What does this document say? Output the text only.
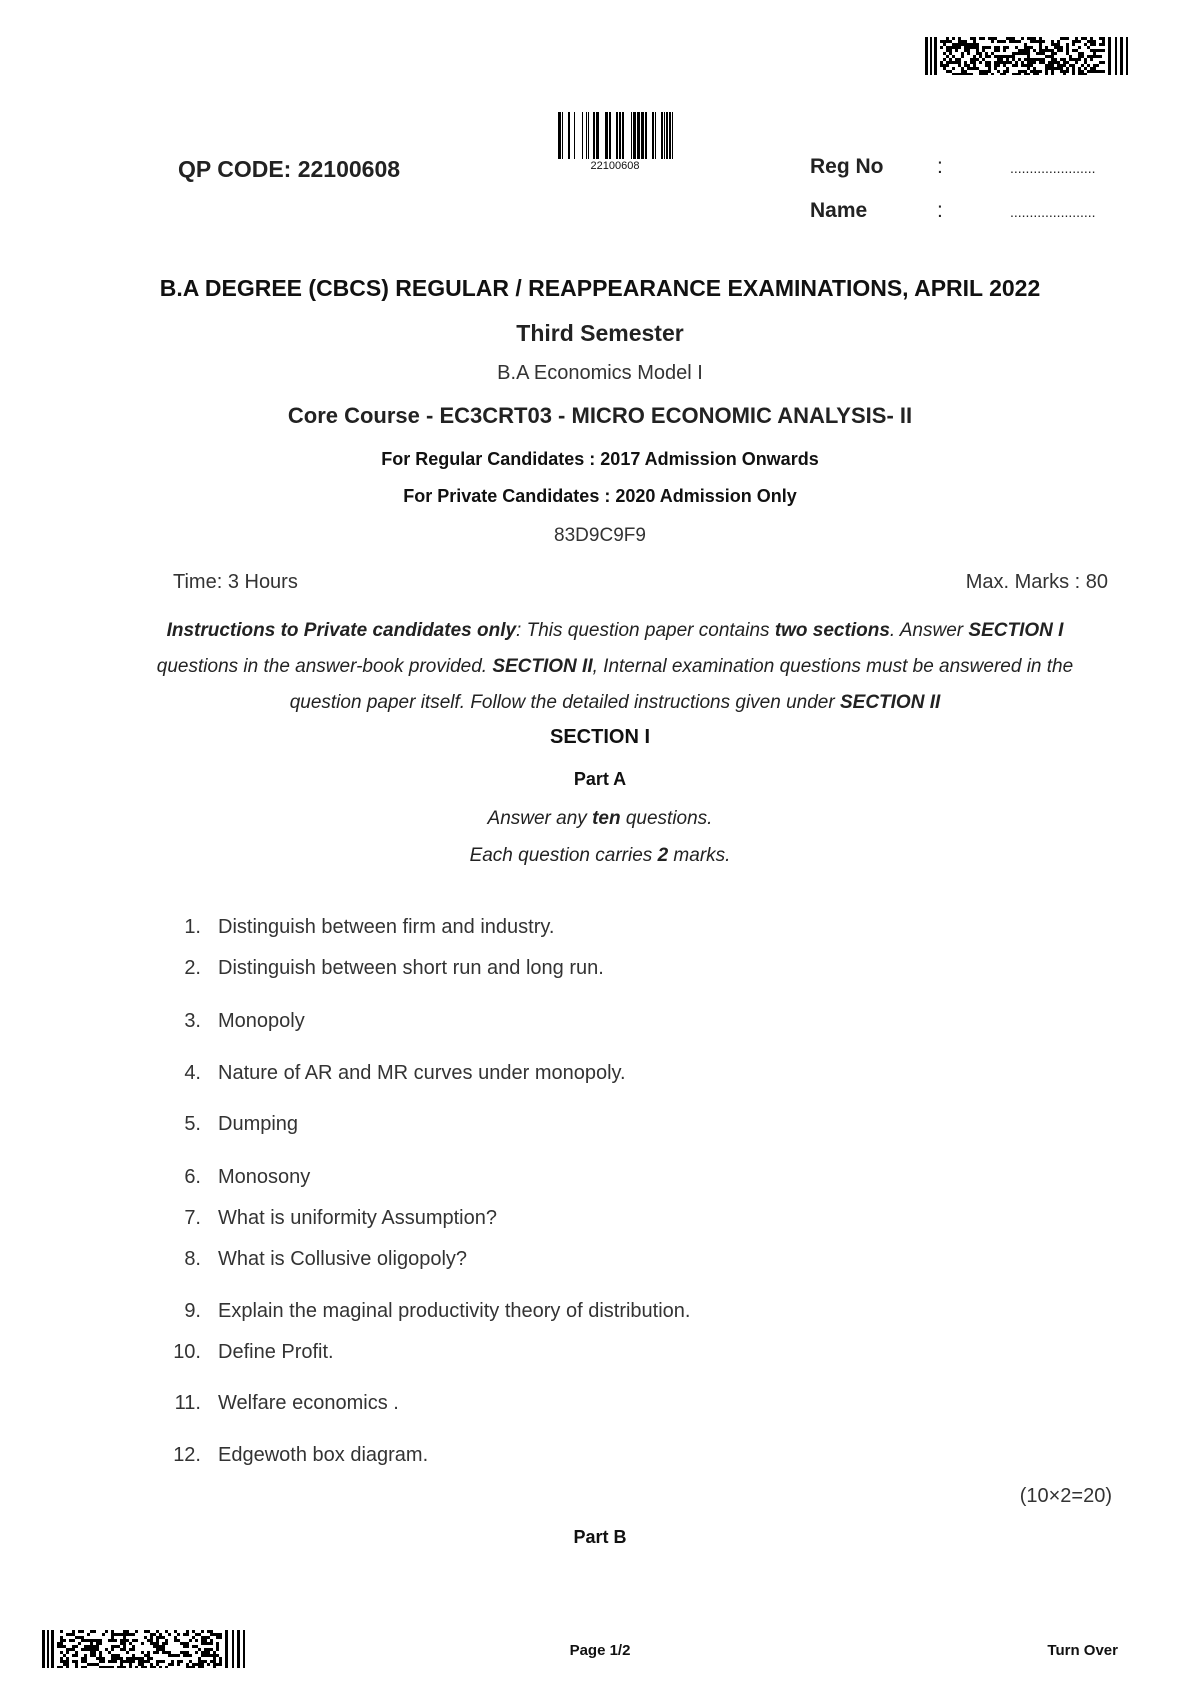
22100608
QP CODE: 22100608	Reg No	:	......................
Name	:	......................
B.A DEGREE (CBCS) REGULAR / REAPPEARANCE EXAMINATIONS, APRIL 2022
Third Semester
B.A Economics Model I
Core Course - EC3CRT03 - MICRO ECONOMIC ANALYSIS- II
For Regular Candidates : 2017 Admission Onwards
For Private Candidates : 2020 Admission Only
83D9C9F9
Time: 3 Hours	Max. Marks : 80
Instructions to Private candidates only: This question paper contains two sections. Answer SECTION I questions in the answer-book provided. SECTION II, Internal examination questions must be answered in the question paper itself. Follow the detailed instructions given under SECTION II
SECTION I
Part A
Answer any ten questions.
Each question carries 2 marks.
1. Distinguish between firm and industry.
2. Distinguish between short run and long run.
3. Monopoly
4. Nature of AR and MR curves under monopoly.
5. Dumping
6. Monosony
7. What is uniformity Assumption?
8. What is Collusive oligopoly?
9. Explain the maginal productivity theory of distribution.
10. Define Profit.
11. Welfare economics .
12. Edgewoth box diagram.
(10×2=20)
Part B
Page 1/2	Turn Over
